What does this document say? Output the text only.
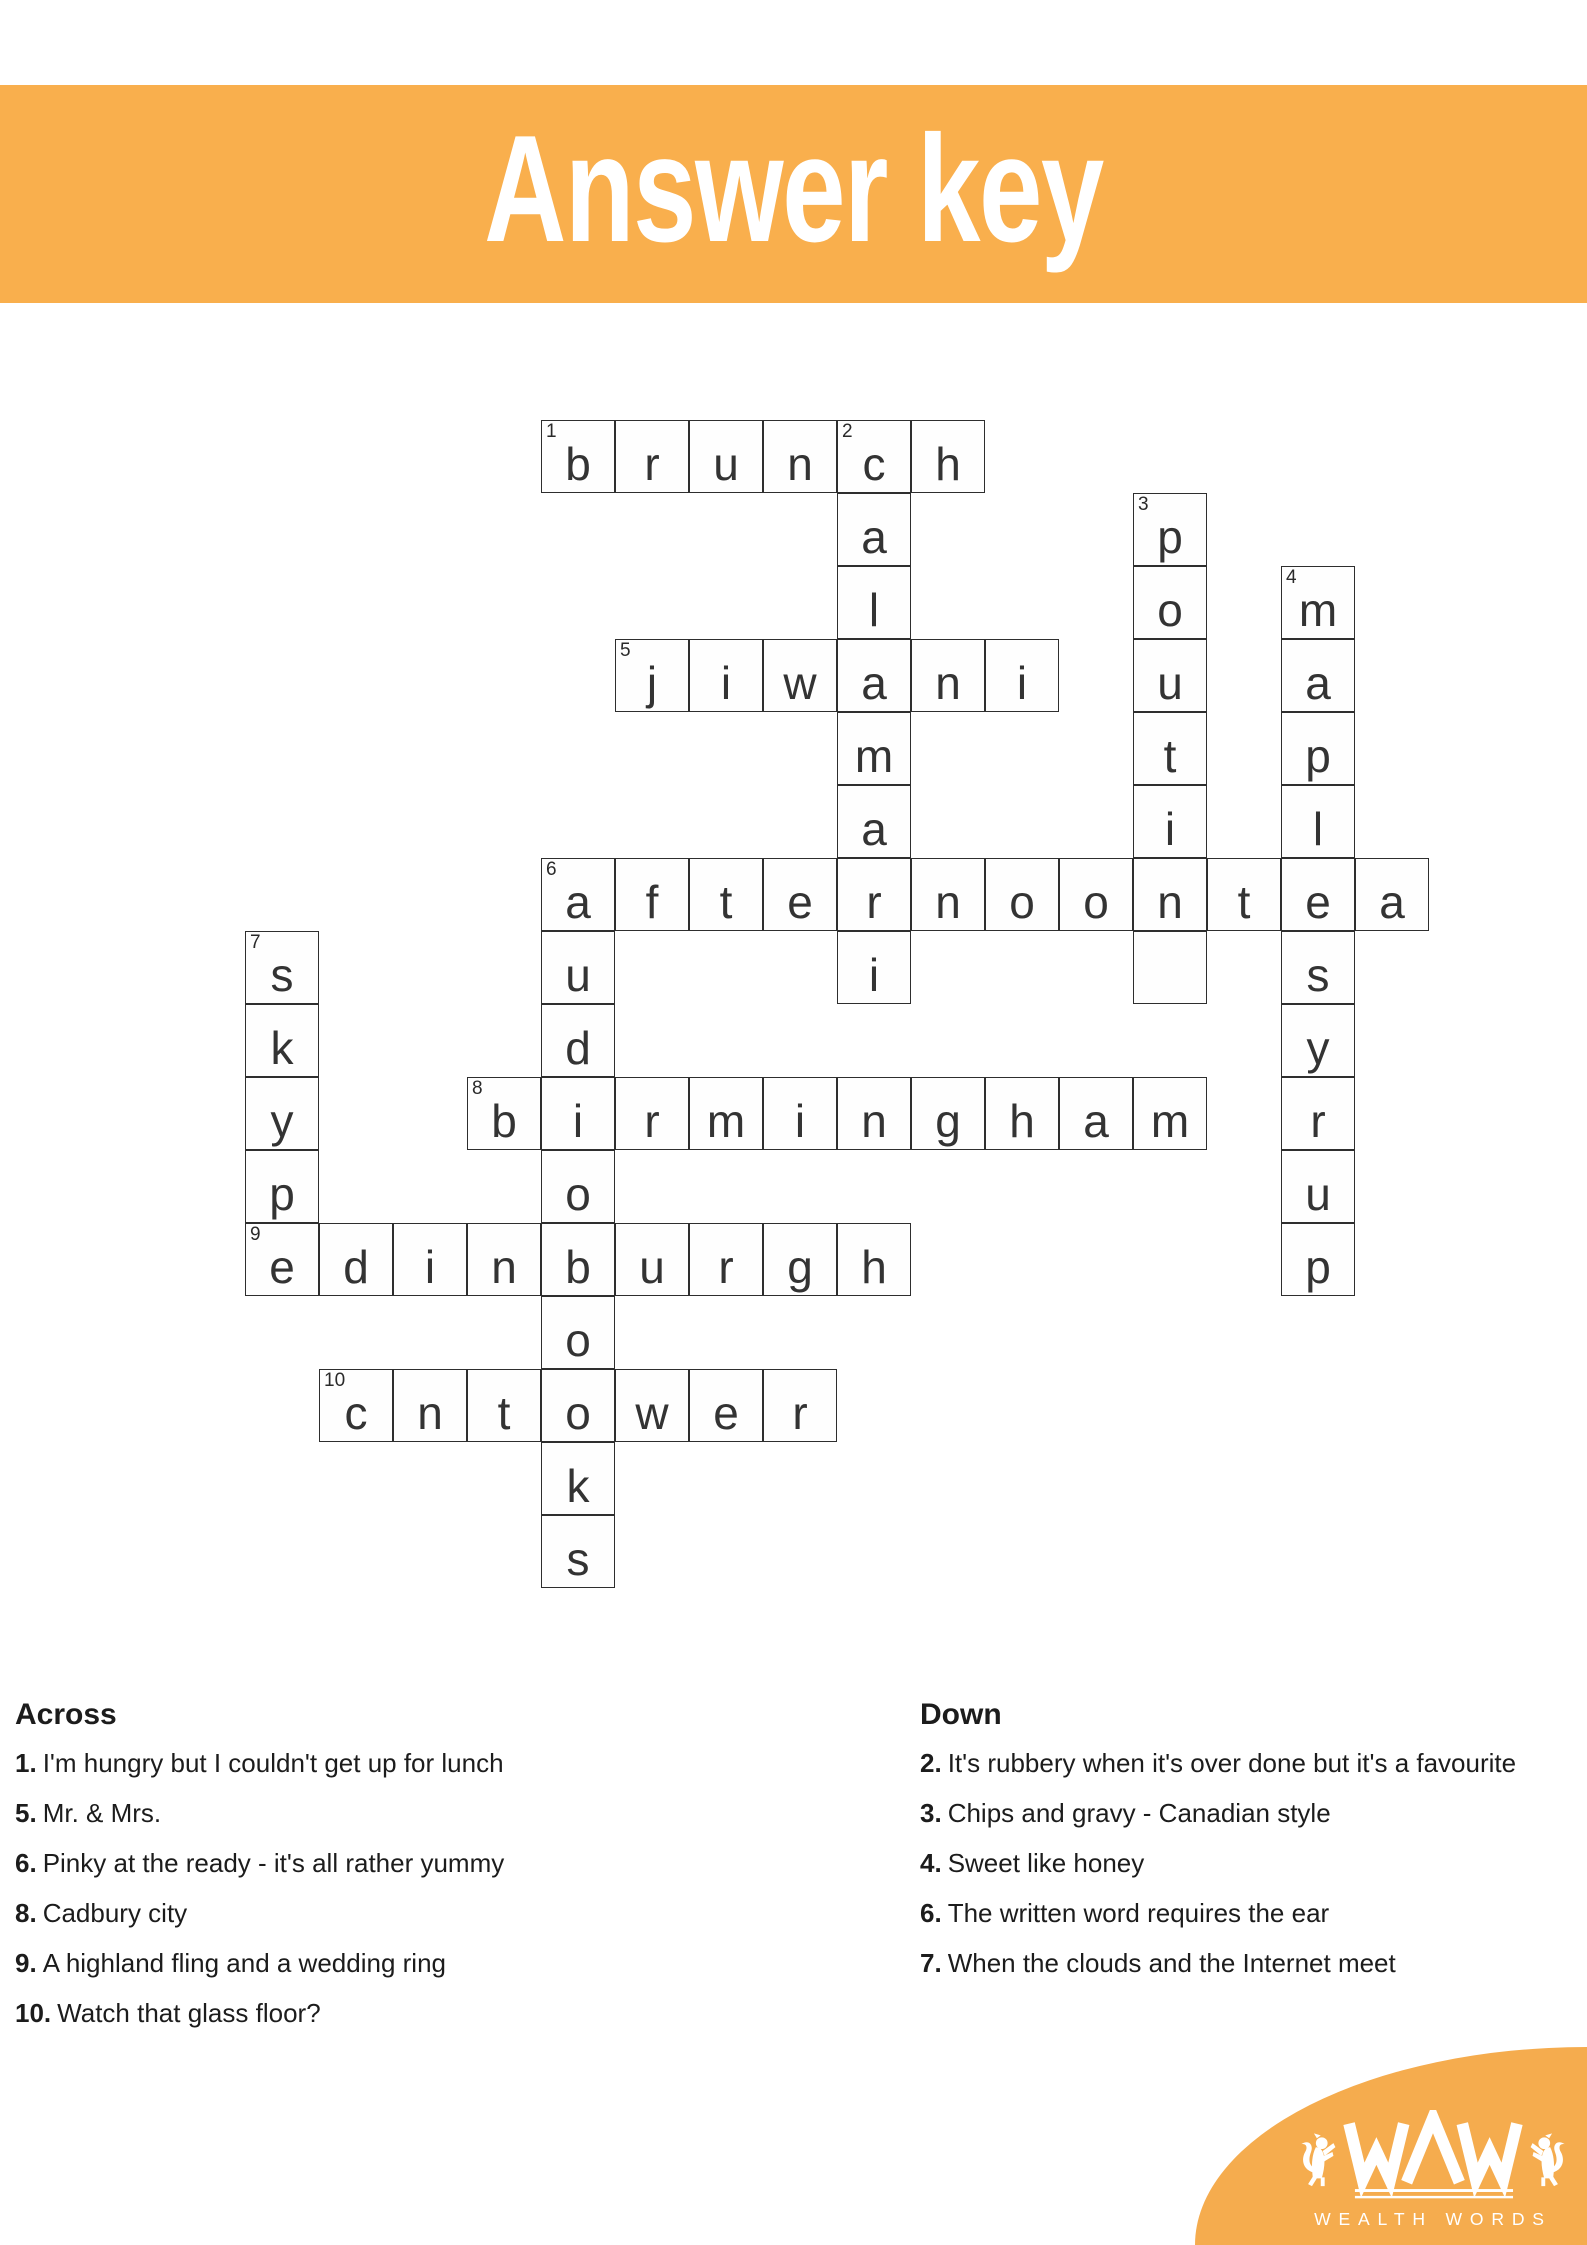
Answer key
1
b	r	u	n
2
c	h
a
3
p
l	o
4
m
5
j	i	w a	n	i	u	a
m	t	p
a	i	l
6
a	f	t	e	r	n	o	o	n	t	e	a
7
s	u	i	s
k	d	y
y
8
b	i	r	m	i	n	g	h	a m	r
p	o	u
9
e	d	i	n	b	u	r	g	h	p
o
10
c	n	t	o w e	r
k
s
Across
1. I'm hungry but I couldn't get up for lunch
5. Mr. & Mrs.
6. Pinky at the ready - it's all rather yummy
8. Cadbury city
9. A highland fling and a wedding ring
10. Watch that glass floor?
Down
2. It's rubbery when it's over done but it's a favourite
3. Chips and gravy - Canadian style
4. Sweet like honey
6. The written word requires the ear
7. When the clouds and the Internet meet
WEALTH WORDS
